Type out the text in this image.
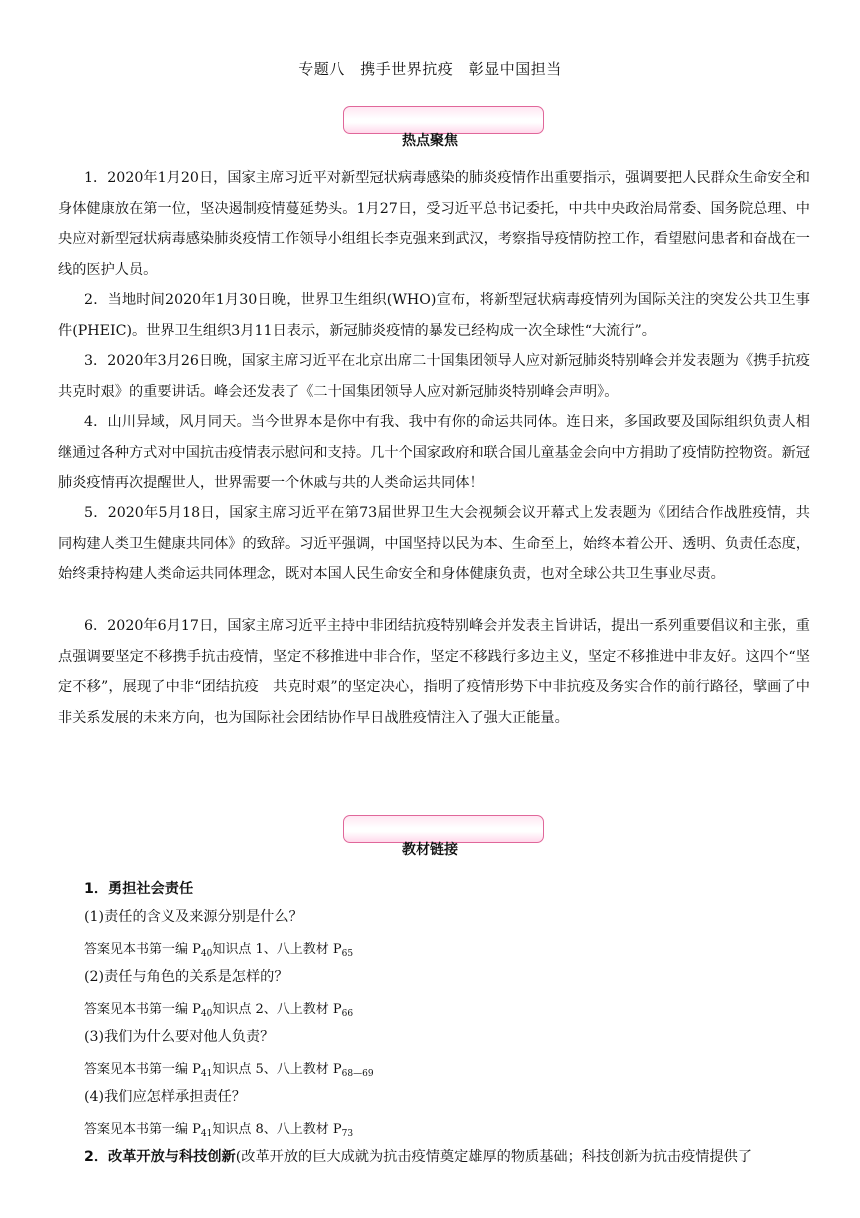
专题八　携手世界抗疫　彰显中国担当
热点聚焦

1．2020年1月20日，国家主席习近平对新型冠状病毒感染的肺炎疫情作出重要指示，强调要把人民群众生命安全和身体健康放在第一位，坚决遏制疫情蔓延势头。1月27日，受习近平总书记委托，中共中央政治局常委、国务院总理、中央应对新型冠状病毒感染肺炎疫情工作领导小组组长李克强来到武汉，考察指导疫情防控工作，看望慰问患者和奋战在一线的医护人员。

2．当地时间2020年1月30日晚，世界卫生组织(WHO)宣布，将新型冠状病毒疫情列为国际关注的突发公共卫生事件(PHEIC)。世界卫生组织3月11日表示，新冠肺炎疫情的暴发已经构成一次全球性“大流行”。

3．2020年3月26日晚，国家主席习近平在北京出席二十国集团领导人应对新冠肺炎特别峰会并发表题为《携手抗疫　共克时艰》的重要讲话。峰会还发表了《二十国集团领导人应对新冠肺炎特别峰会声明》。

4．山川异域，风月同天。当今世界本是你中有我、我中有你的命运共同体。连日来，多国政要及国际组织负责人相继通过各种方式对中国抗击疫情表示慰问和支持。几十个国家政府和联合国儿童基金会向中方捐助了疫情防控物资。新冠肺炎疫情再次提醒世人，世界需要一个休戚与共的人类命运共同体！

5．2020年5月18日，国家主席习近平在第73届世界卫生大会视频会议开幕式上发表题为《团结合作战胜疫情，共同构建人类卫生健康共同体》的致辞。习近平强调，中国坚持以民为本、生命至上，始终本着公开、透明、负责任态度，始终秉持构建人类命运共同体理念，既对本国人民生命安全和身体健康负责，也对全球公共卫生事业尽责。

6．2020年6月17日，国家主席习近平主持中非团结抗疫特别峰会并发表主旨讲话，提出一系列重要倡议和主张，重点强调要坚定不移携手抗击疫情，坚定不移推进中非合作，坚定不移践行多边主义，坚定不移推进中非友好。这四个“坚定不移”，展现了中非“团结抗疫　共克时艰”的坚定决心，指明了疫情形势下中非抗疫及务实合作的前行路径，擘画了中非关系发展的未来方向，也为国际社会团结协作早日战胜疫情注入了强大正能量。

教材链接

1．勇担社会责任

(1)责任的含义及来源分别是什么？

答案见本书第一编 $P_{40}$知识点 1、八上教材 $P_{65}$

(2)责任与角色的关系是怎样的？

答案见本书第一编 $P_{40}$知识点 2、八上教材 $P_{66}$

(3)我们为什么要对他人负责？

答案见本书第一编 $P_{41}$知识点 5、八上教材 $P_{68—69}$

(4)我们应怎样承担责任？

答案见本书第一编 $P_{41}$知识点 8、八上教材 $P_{73}$

2．改革开放与科技创新(改革开放的巨大成就为抗击疫情奠定雄厚的物质基础；科技创新为抗击疫情提供了
